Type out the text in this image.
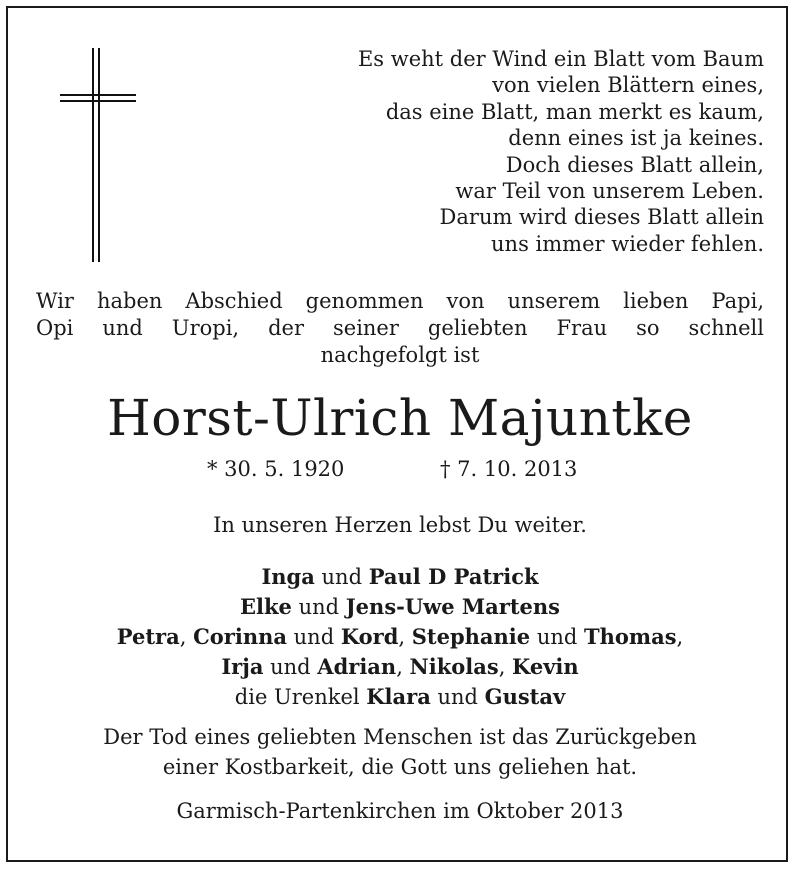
Es weht der Wind ein Blatt vom Baum
von vielen Blättern eines,
das eine Blatt, man merkt es kaum,
denn eines ist ja keines.
Doch dieses Blatt allein,
war Teil von unserem Leben.
Darum wird dieses Blatt allein
uns immer wieder fehlen.
Wir haben Abschied genommen von unserem lieben Papi,
Opi und Uropi, der seiner geliebten Frau so schnell
nachgefolgt ist
Horst-Ulrich Majuntke
* 30. 5. 1920	† 7. 10. 2013
In unseren Herzen lebst Du weiter.
Inga und Paul D Patrick
Elke und Jens-Uwe Martens
Petra, Corinna und Kord, Stephanie und Thomas,
Irja und Adrian, Nikolas, Kevin
die Urenkel Klara und Gustav
Der Tod eines geliebten Menschen ist das Zurückgeben
einer Kostbarkeit, die Gott uns geliehen hat.
Garmisch-Partenkirchen im Oktober 2013
